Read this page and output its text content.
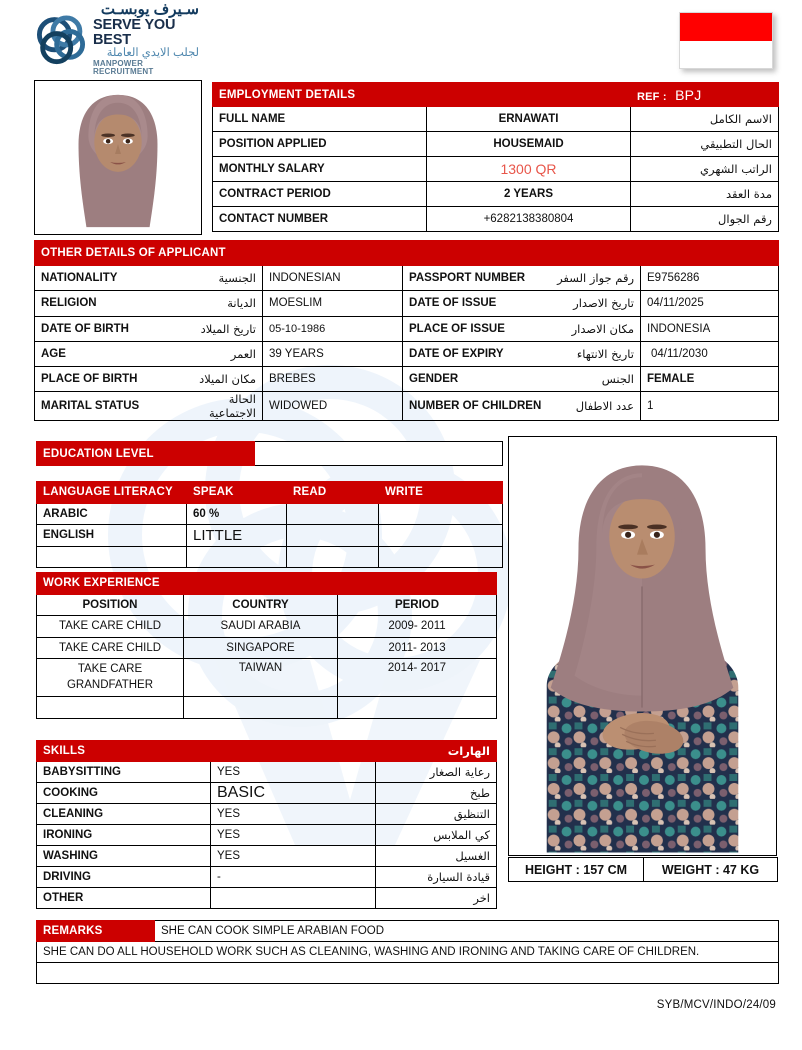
سـيرف يوبسـت
SERVE YOU BEST
لجلب الايدي العاملة
MANPOWER RECRUITMENT
EMPLOYMENT DETAILS		REF : BPJ
FULL NAME	ERNAWATI	الاسم الكامل
POSITION APPLIED	HOUSEMAID	الحال التطبيقي
MONTHLY SALARY	1300 QR	الراتب الشهري
CONTRACT PERIOD	2 YEARS	مدة العقد
CONTACT NUMBER	+6282138380804	رقم الجوال
OTHER DETAILS OF APPLICANT					
NATIONALITY	الجنسية	INDONESIAN	PASSPORT NUMBER	رقم جواز السفر	E9756286
RELIGION	الديانة	MOESLIM	DATE OF ISSUE	تاريخ الاصدار	04/11/2025
DATE OF BIRTH	تاريخ الميلاد	05-10-1986	PLACE OF ISSUE	مكان الاصدار	INDONESIA
AGE	العمر	39 YEARS	DATE OF EXPIRY	تاريخ الانتهاء	04/11/2030
PLACE OF BIRTH	مكان الميلاد	BREBES	GENDER	الجنس	FEMALE
MARITAL STATUS	الحالة الاجتماعية	WIDOWED	NUMBER OF CHILDREN	عدد الاطفال	1
EDUCATION LEVEL	
LANGUAGE LITERACY	SPEAK	READ	WRITE
ARABIC	60 %		
ENGLISH	LITTLE		

WORK EXPERIENCE		
POSITION	COUNTRY	PERIOD
TAKE CARE CHILD	SAUDI ARABIA	2009- 2011
TAKE CARE CHILD	SINGAPORE	2011- 2013
TAKE CARE GRANDFATHER	TAIWAN	2014- 2017

SKILLS		الهارات
BABYSITTING	YES	رعاية الصغار
COOKING	BASIC	طبخ
CLEANING	YES	التنظيق
IRONING	YES	كي الملابس
WASHING	YES	الغسيل
DRIVING	-	قيادة السيارة
OTHER		اخر
HEIGHT : 157 CM	WEIGHT : 47 KG
REMARKS	SHE CAN COOK SIMPLE ARABIAN FOOD
SHE CAN DO ALL HOUSEHOLD WORK SUCH AS CLEANING, WASHING AND IRONING AND TAKING CARE OF CHILDREN.

SYB/MCV/INDO/24/09
